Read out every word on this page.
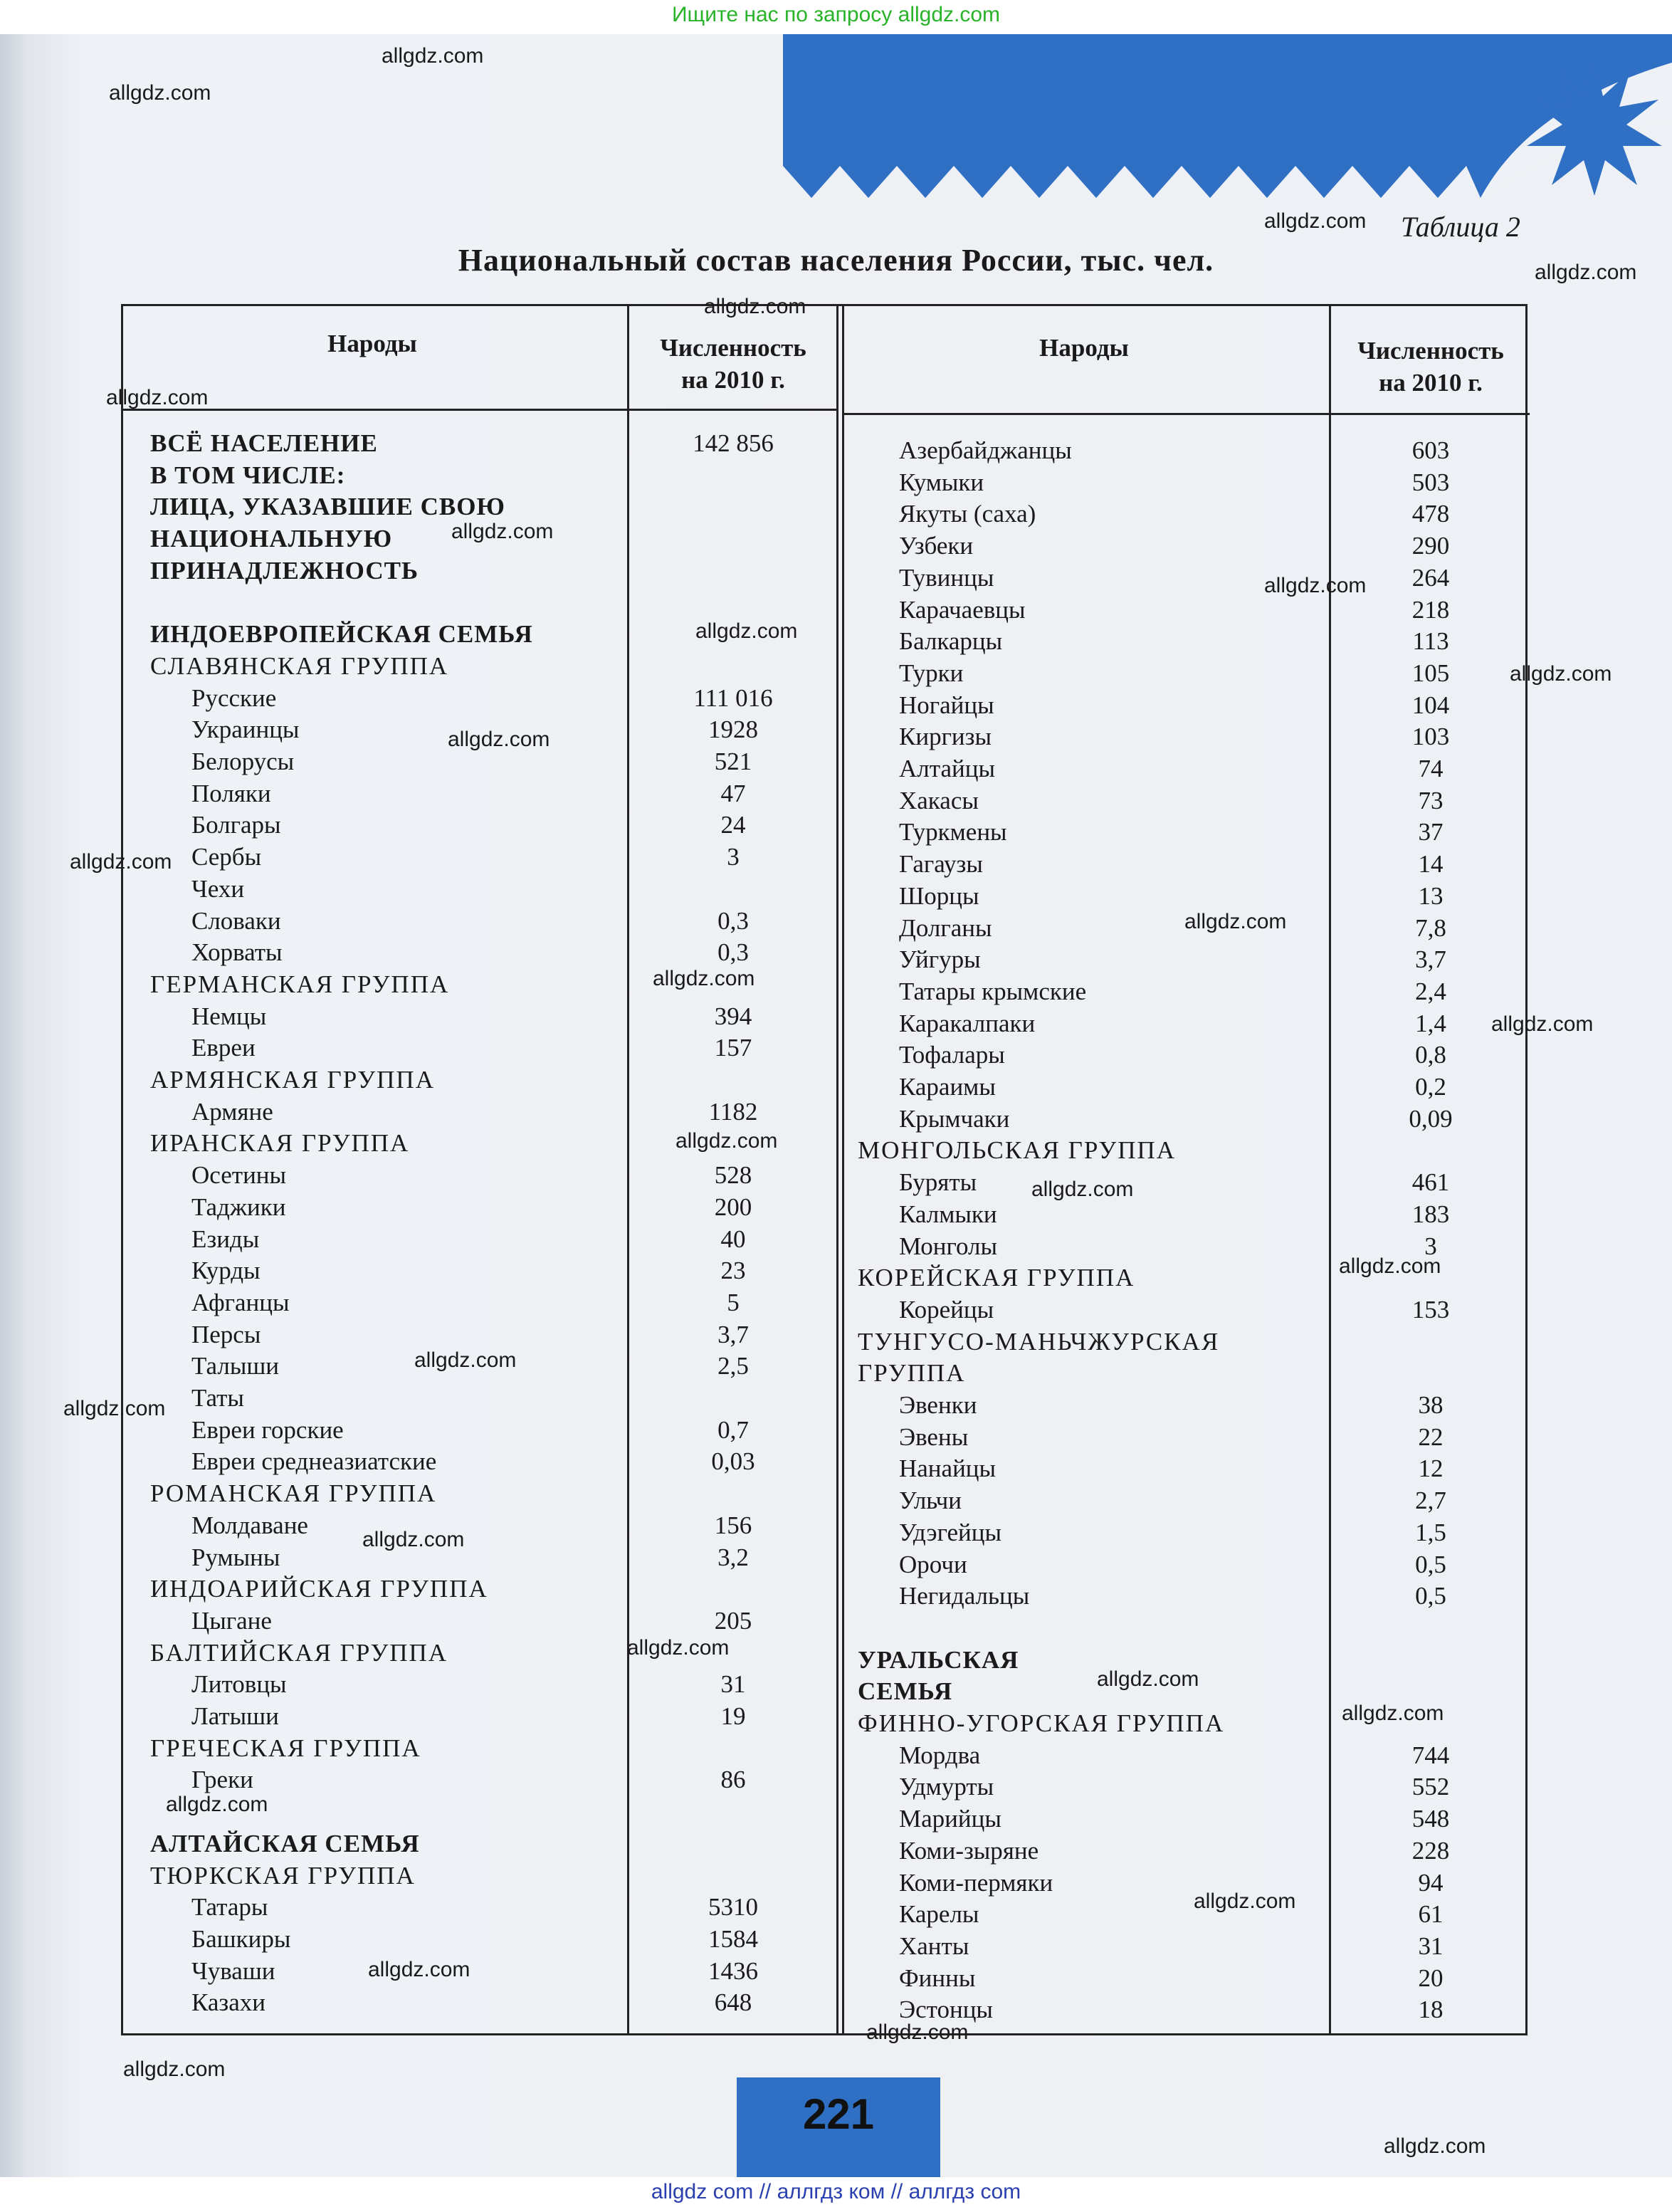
Ищите нас по запросу allgdz.com
Таблица 2
Национальный состав населения России, тыс. чел.
Народы	Численность
на 2010 г.
Народы	Численность
на 2010 г.
ВСЁ НАСЕЛЕНИЕ	142 856
В ТОМ ЧИСЛЕ:
ЛИЦА, УКАЗАВШИЕ СВОЮ
НАЦИОНАЛЬНУЮ
ПРИНАДЛЕЖНОСТЬ
ИНДОЕВРОПЕЙСКАЯ СЕМЬЯ
СЛАВЯНСКАЯ ГРУППА
Русские	111 016
Украинцы	1928
Белорусы	521
Поляки	47
Болгары	24
Сербы	3
Чехи
Словаки	0,3
Хорваты	0,3
ГЕРМАНСКАЯ ГРУППА
Немцы	394
Евреи	157
АРМЯНСКАЯ ГРУППА
Армяне	1182
ИРАНСКАЯ ГРУППА
Осетины	528
Таджики	200
Езиды	40
Курды	23
Афганцы	5
Персы	3,7
Талыши	2,5
Таты
Евреи горские	0,7
Евреи среднеазиатские	0,03
РОМАНСКАЯ ГРУППА
Молдаване	156
Румыны	3,2
ИНДОАРИЙСКАЯ ГРУППА
Цыгане	205
БАЛТИЙСКАЯ ГРУППА
Литовцы	31
Латыши	19
ГРЕЧЕСКАЯ ГРУППА
Греки	86
АЛТАЙСКАЯ СЕМЬЯ
ТЮРКСКАЯ ГРУППА
Татары	5310
Башкиры	1584
Чуваши	1436
Казахи	648
Азербайджанцы	603
Кумыки	503
Якуты (саха)	478
Узбеки	290
Тувинцы	264
Карачаевцы	218
Балкарцы	113
Турки	105
Ногайцы	104
Киргизы	103
Алтайцы	74
Хакасы	73
Туркмены	37
Гагаузы	14
Шорцы	13
Долганы	7,8
Уйгуры	3,7
Татары крымские	2,4
Каракалпаки	1,4
Тофалары	0,8
Караимы	0,2
Крымчаки	0,09
МОНГОЛЬСКАЯ ГРУППА
Буряты	461
Калмыки	183
Монголы	3
КОРЕЙСКАЯ ГРУППА
Корейцы	153
ТУНГУСО-МАНЬЧЖУРСКАЯ
ГРУППА
Эвенки	38
Эвены	22
Нанайцы	12
Ульчи	2,7
Удэгейцы	1,5
Орочи	0,5
Негидальцы	0,5
УРАЛЬСКАЯ
СЕМЬЯ
ФИННО-УГОРСКАЯ ГРУППА
Мордва	744
Удмурты	552
Марийцы	548
Коми-зыряне	228
Коми-пермяки	94
Карелы	61
Ханты	31
Финны	20
Эстонцы	18
allgdz.com
allgdz.com
allgdz.com
allgdz.com
allgdz.com
allgdz.com
allgdz.com
allgdz.com
allgdz.com
allgdz.com
allgdz.com
allgdz.com
allgdz.com
allgdz.com
allgdz.com
allgdz.com
allgdz.com
allgdz.com
allgdz.com
allgdz.com
allgdz.com
allgdz.com
allgdz.com
allgdz.com
allgdz.com
allgdz.com
allgdz.com
allgdz.com
allgdz.com
allgdz.com
221
allgdz com // аллгдз ком // аллгдз com
